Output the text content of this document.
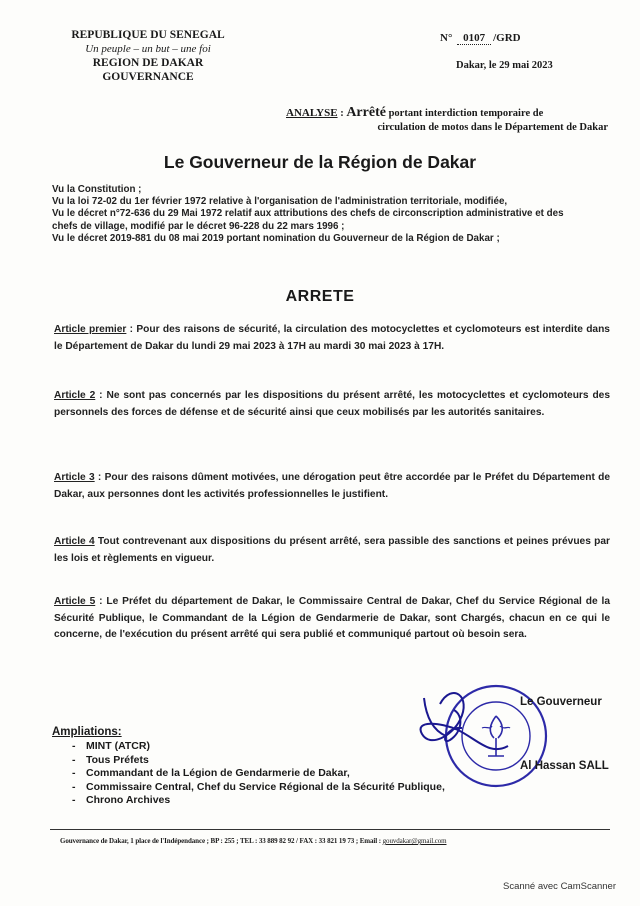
REPUBLIQUE DU SENEGAL
Un peuple – un but – une foi
REGION DE DAKAR
GOUVERNANCE
N° 0107 /GRD
Dakar, le 29 mai 2023
ANALYSE : Arrêté portant interdiction temporaire de
circulation de motos dans le Département de Dakar
Le Gouverneur de la Région de Dakar
Vu la Constitution ;
Vu la loi 72-02 du 1er février 1972 relative à l'organisation de l'administration territoriale, modifiée,
Vu le décret n°72-636 du 29 Mai 1972 relatif aux attributions des chefs de circonscription administrative et des
chefs de village, modifié par le décret 96-228 du 22 mars 1996 ;
Vu le décret 2019-881 du 08 mai 2019 portant nomination du Gouverneur de la Région de Dakar ;
ARRETE
Article premier : Pour des raisons de sécurité, la circulation des motocyclettes et cyclomoteurs est interdite dans le Département de Dakar du lundi 29 mai 2023 à 17H au mardi 30 mai 2023 à 17H.
Article 2 : Ne sont pas concernés par les dispositions du présent arrêté, les motocyclettes et cyclomoteurs des personnels des forces de défense et de sécurité ainsi que ceux mobilisés par les autorités sanitaires.
Article 3 : Pour des raisons dûment motivées, une dérogation peut être accordée par le Préfet du Département de Dakar, aux personnes dont les activités professionnelles le justifient.
Article 4 Tout contrevenant aux dispositions du présent arrêté, sera passible des sanctions et peines prévues par les lois et règlements en vigueur.
Article 5 : Le Préfet du département de Dakar, le Commissaire Central de Dakar, Chef du Service Régional de la Sécurité Publique, le Commandant de la Légion de Gendarmerie de Dakar, sont Chargés, chacun en ce qui le concerne, de l'exécution du présent arrêté qui sera publié et communiqué partout où besoin sera.
Le Gouverneur
Al Hassan SALL
Ampliations:
- MINT (ATCR)
- Tous Préfets
- Commandant de la Légion de Gendarmerie de Dakar,
- Commissaire Central, Chef du Service Régional de la Sécurité Publique,
- Chrono Archives
Gouvernance de Dakar, 1 place de l'Indépendance ; BP : 255 ; TEL : 33 889 82 92 / FAX : 33 821 19 73 ; Email : gouvdakar@gmail.com
Scanné avec CamScanner
